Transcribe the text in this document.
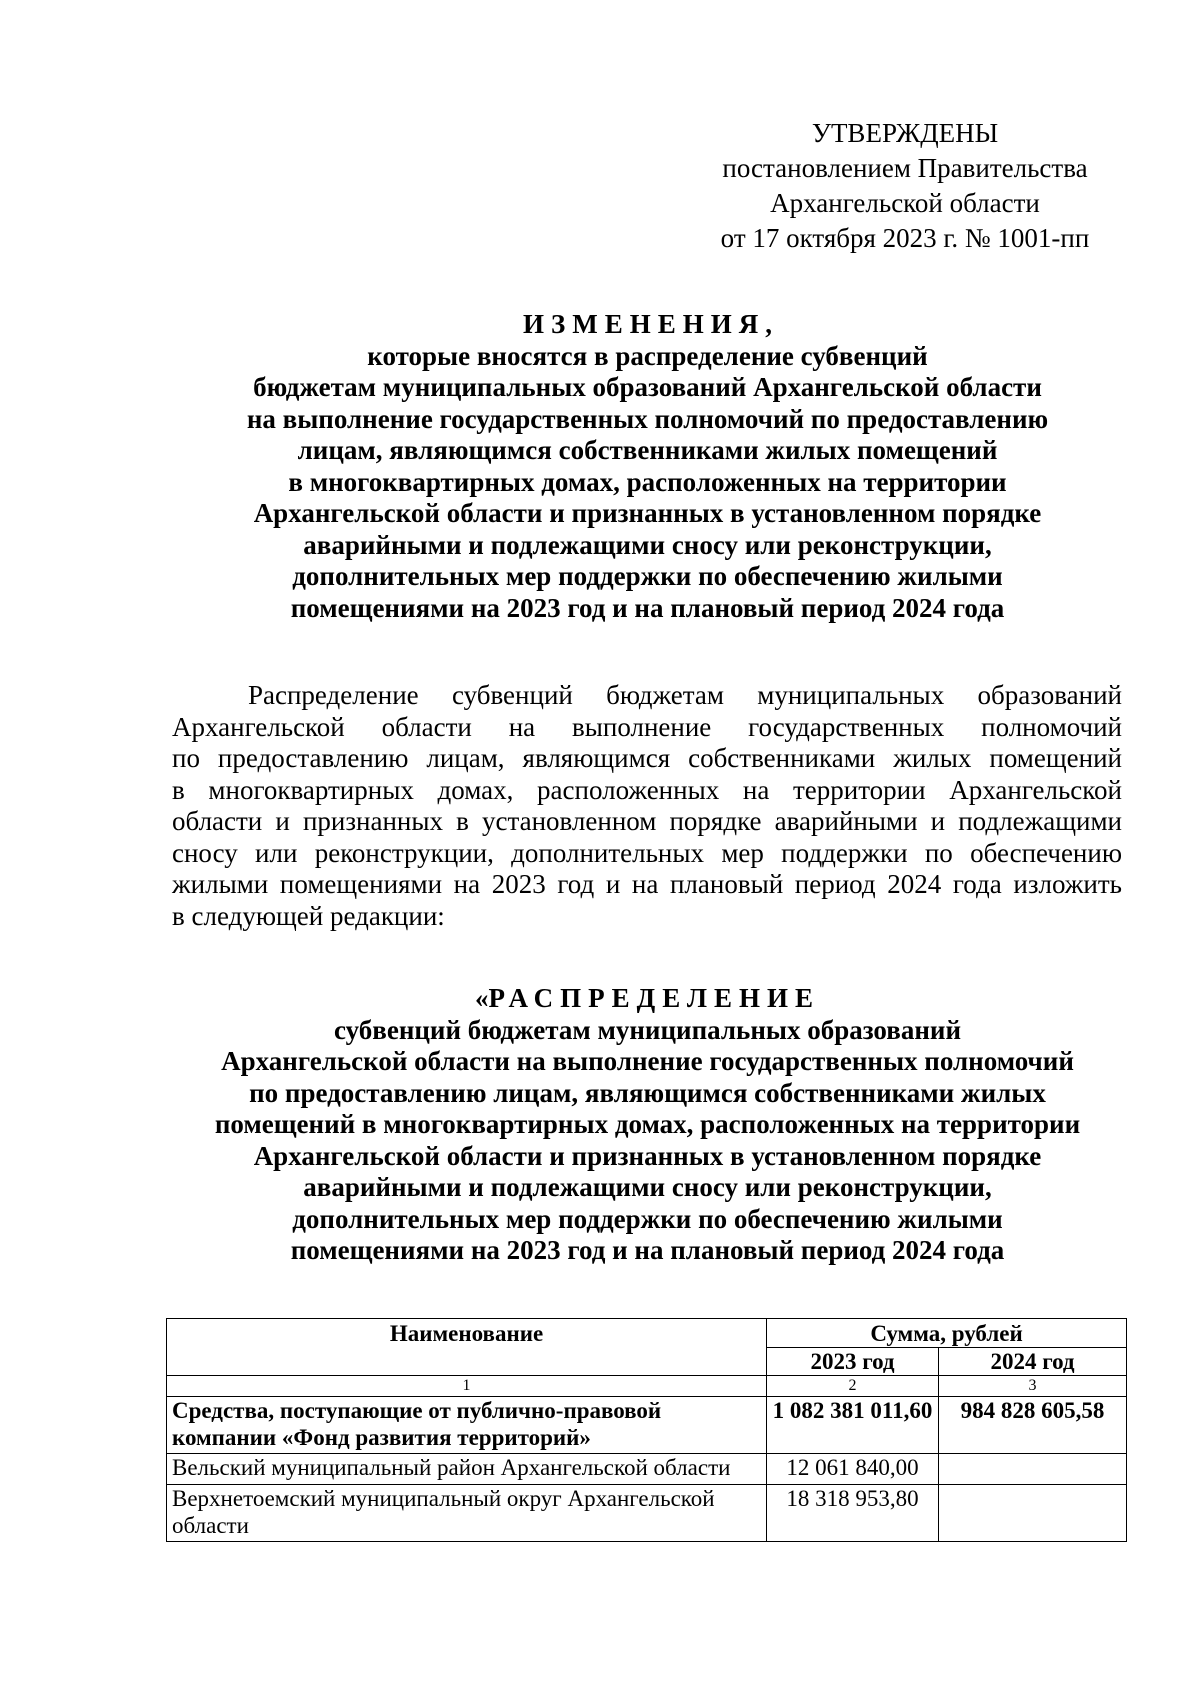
УТВЕРЖДЕНЫ
постановлением Правительства
Архангельской области
от 17 октября 2023 г. № 1001-пп
ИЗМЕНЕНИЯ,
которые вносятся в распределение субвенций
бюджетам муниципальных образований Архангельской области
на выполнение государственных полномочий по предоставлению
лицам, являющимся собственниками жилых помещений
в многоквартирных домах, расположенных на территории
Архангельской области и признанных в установленном порядке
аварийными и подлежащими сносу или реконструкции,
дополнительных мер поддержки по обеспечению жилыми
помещениями на 2023 год и на плановый период 2024 года
Распределение субвенций бюджетам муниципальных образований
Архангельской области на выполнение государственных полномочий
по предоставлению лицам, являющимся собственниками жилых помещений
в многоквартирных домах, расположенных на территории Архангельской
области и признанных в установленном порядке аварийными и подлежащими
сносу или реконструкции, дополнительных мер поддержки по обеспечению
жилыми помещениями на 2023 год и на плановый период 2024 года изложить
в следующей редакции:
«РАСПРЕДЕЛЕНИЕ
субвенций бюджетам муниципальных образований
Архангельской области на выполнение государственных полномочий
по предоставлению лицам, являющимся собственниками жилых
помещений в многоквартирных домах, расположенных на территории
Архангельской области и признанных в установленном порядке
аварийными и подлежащими сносу или реконструкции,
дополнительных мер поддержки по обеспечению жилыми
помещениями на 2023 год и на плановый период 2024 года
Наименование	Сумма, рублей	
	2023 год	2024 год
1	2	3
Средства, поступающие от публично-правовой компании «Фонд развития территорий»	1 082 381 011,60	984 828 605,58
Вельский муниципальный район Архангельской области	12 061 840,00	
Верхнетоемский муниципальный округ Архангельской области	18 318 953,80	
